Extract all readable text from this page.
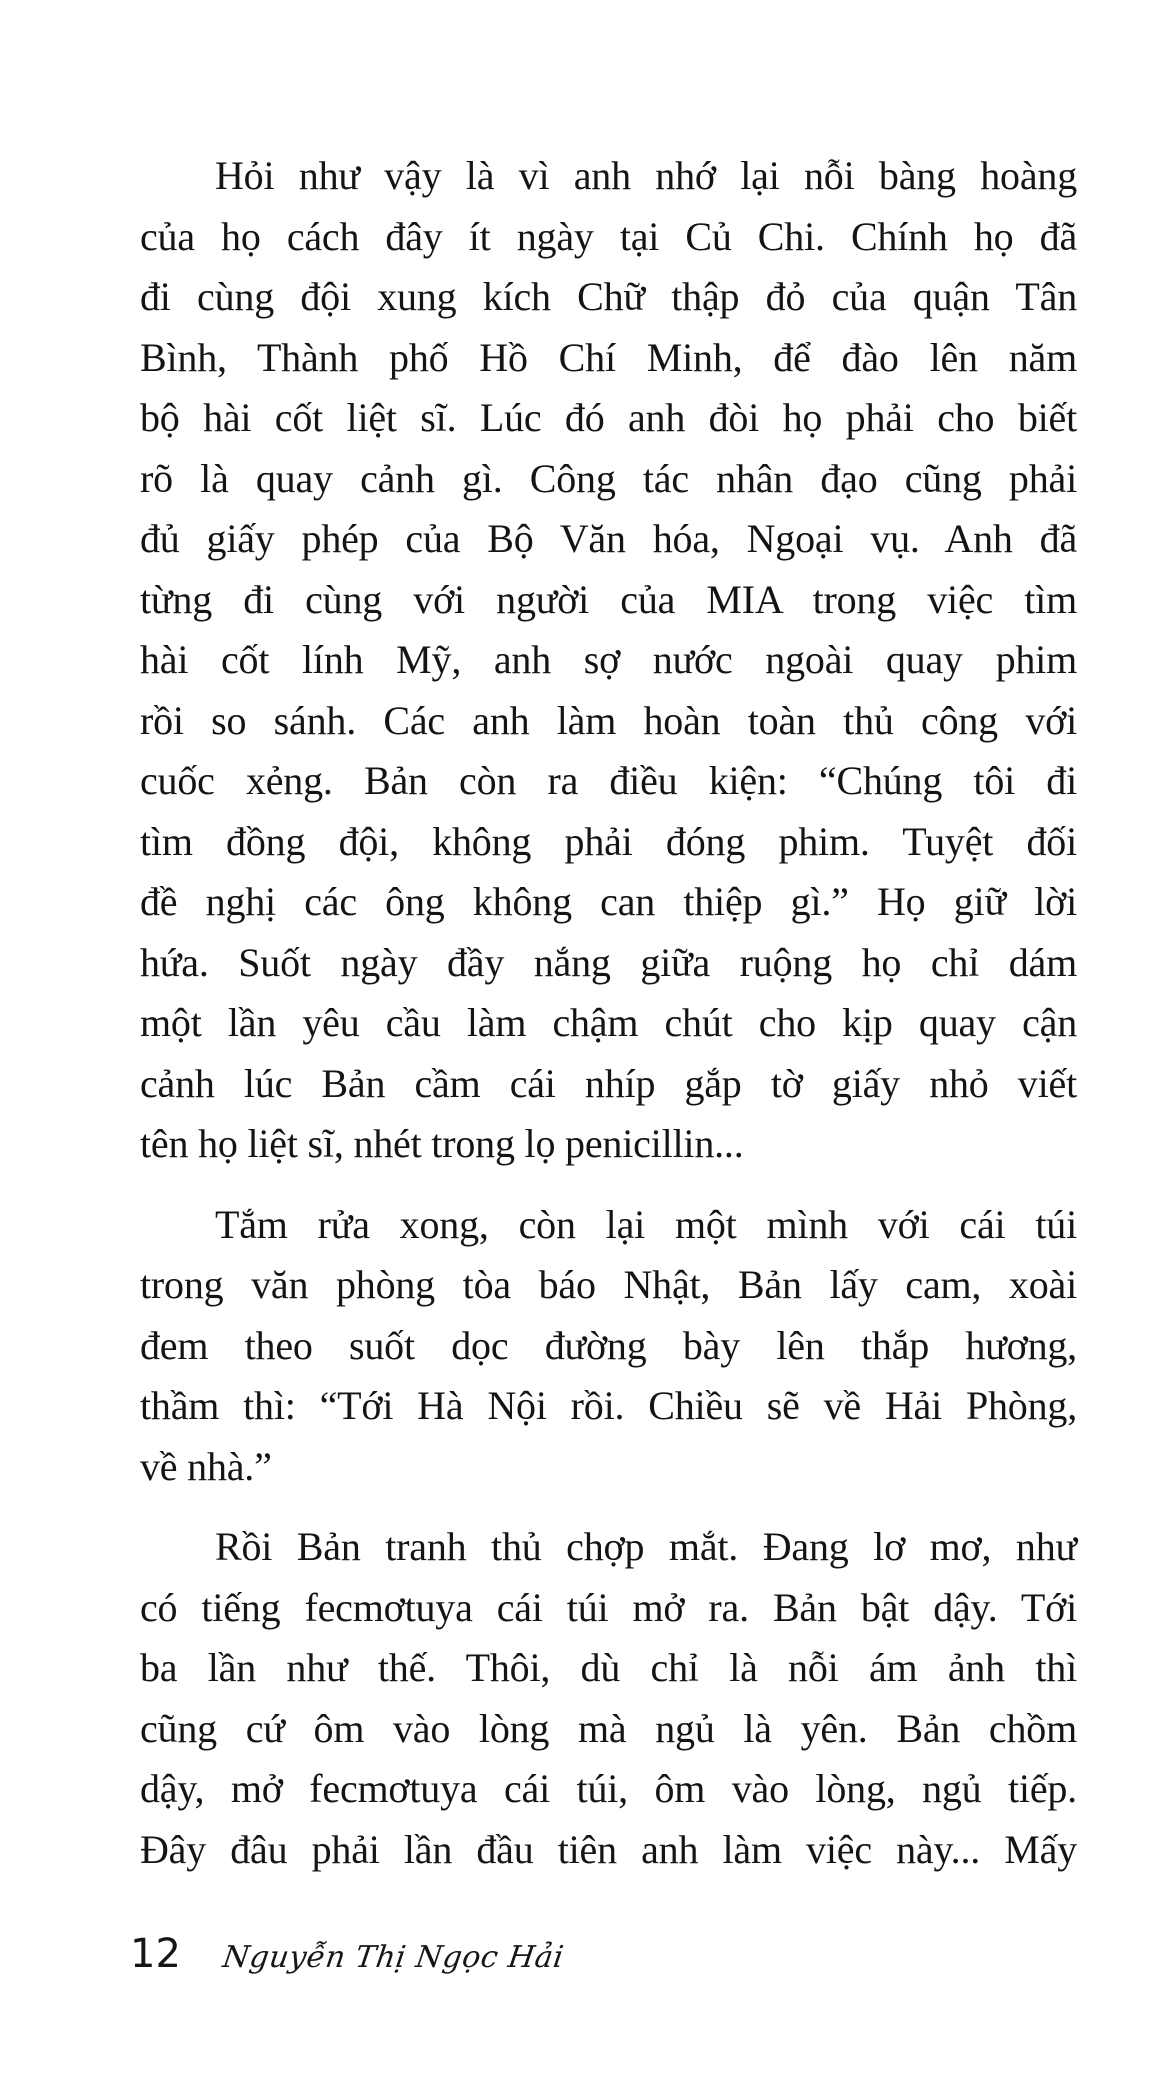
Hỏi như vậy là vì anh nhớ lại nỗi bàng hoàng
của họ cách đây ít ngày tại Củ Chi. Chính họ đã
đi cùng đội xung kích Chữ thập đỏ của quận Tân
Bình, Thành phố Hồ Chí Minh, để đào lên năm
bộ hài cốt liệt sĩ. Lúc đó anh đòi họ phải cho biết
rõ là quay cảnh gì. Công tác nhân đạo cũng phải
đủ giấy phép của Bộ Văn hóa, Ngoại vụ. Anh đã
từng đi cùng với người của MIA trong việc tìm
hài cốt lính Mỹ, anh sợ nước ngoài quay phim
rồi so sánh. Các anh làm hoàn toàn thủ công với
cuốc xẻng. Bản còn ra điều kiện: “Chúng tôi đi
tìm đồng đội, không phải đóng phim. Tuyệt đối
đề nghị các ông không can thiệp gì.” Họ giữ lời
hứa. Suốt ngày đầy nắng giữa ruộng họ chỉ dám
một lần yêu cầu làm chậm chút cho kịp quay cận
cảnh lúc Bản cầm cái nhíp gắp tờ giấy nhỏ viết
tên họ liệt sĩ, nhét trong lọ penicillin...
Tắm rửa xong, còn lại một mình với cái túi
trong văn phòng tòa báo Nhật, Bản lấy cam, xoài
đem theo suốt dọc đường bày lên thắp hương,
thầm thì: “Tới Hà Nội rồi. Chiều sẽ về Hải Phòng,
về nhà.”
Rồi Bản tranh thủ chợp mắt. Đang lơ mơ, như
có tiếng fecmơtuya cái túi mở ra. Bản bật dậy. Tới
ba lần như thế. Thôi, dù chỉ là nỗi ám ảnh thì
cũng cứ ôm vào lòng mà ngủ là yên. Bản chồm
dậy, mở fecmơtuya cái túi, ôm vào lòng, ngủ tiếp.
Đây đâu phải lần đầu tiên anh làm việc này... Mấy
12 Nguyễn Thị Ngọc Hải
